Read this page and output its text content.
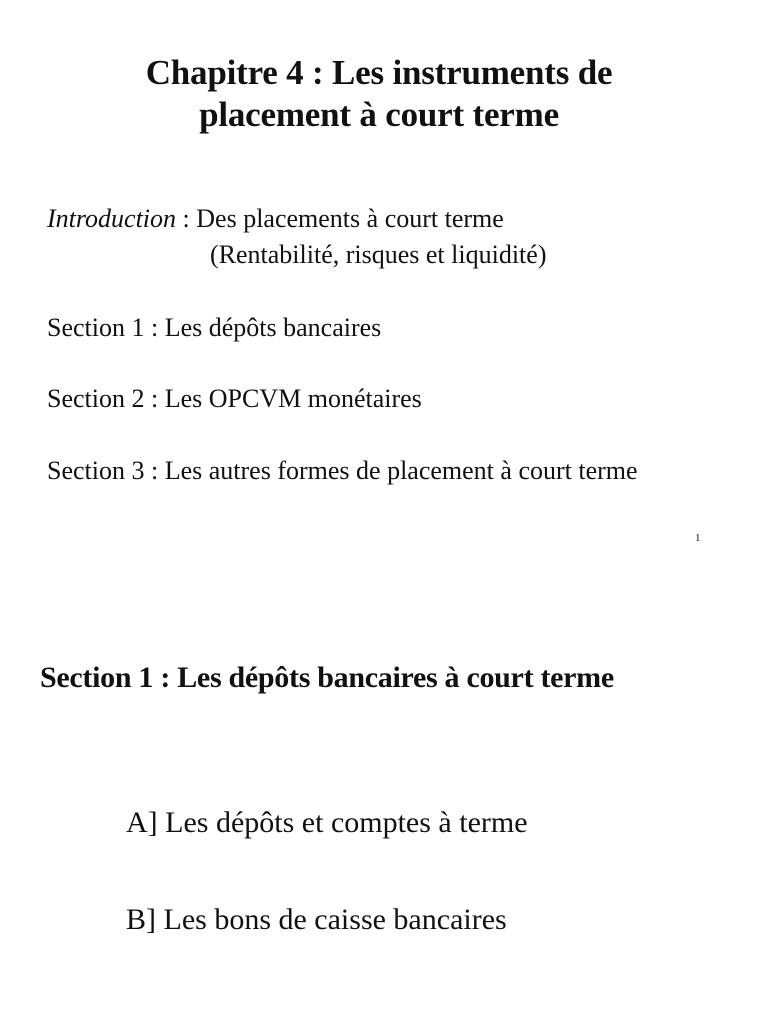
Chapitre 4 : Les instruments de
placement à court terme
Introduction : Des placements à court terme
(Rentabilité, risques et liquidité)
Section 1 : Les dépôts bancaires
Section 2 : Les OPCVM monétaires
Section 3 : Les autres formes de placement à court terme
1
Section 1 : Les dépôts bancaires à court terme
A] Les dépôts et comptes à terme
B] Les bons de caisse bancaires
